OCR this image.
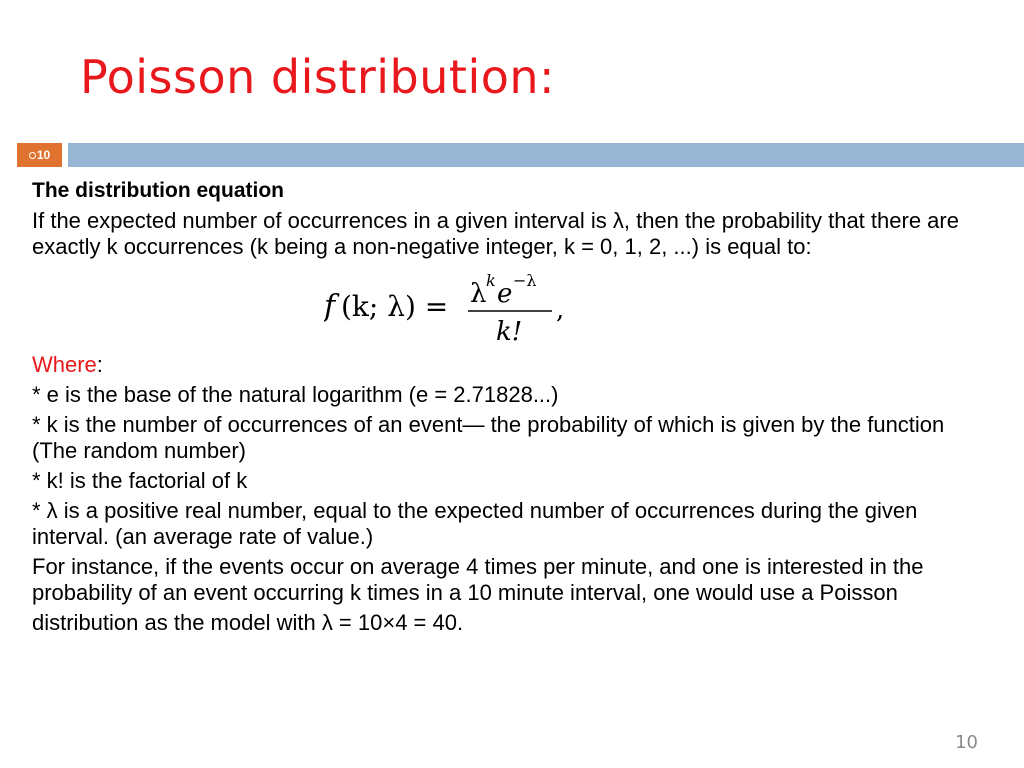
Poisson distribution:
10

The distribution equation

If the expected number of occurrences in a given interval is λ, then the probability that there are exactly k occurrences (k being a non-negative integer, k = 0, 1, 2, ...) is equal to:

f (k; λ) = λ k e −λ
k!
,

Where:

* e is the base of the natural logarithm (e = 2.71828...)

* k is the number of occurrences of an event— the probability of which is given by the function (The random number)

* k! is the factorial of k

* λ is a positive real number, equal to the expected number of occurrences during the given interval. (an average rate of value.)

For instance, if the events occur on average 4 times per minute, and one is interested in the probability of an event occurring k times in a 10 minute interval, one would use a Poisson

distribution as the model with λ = 10×4 = 40.

10
